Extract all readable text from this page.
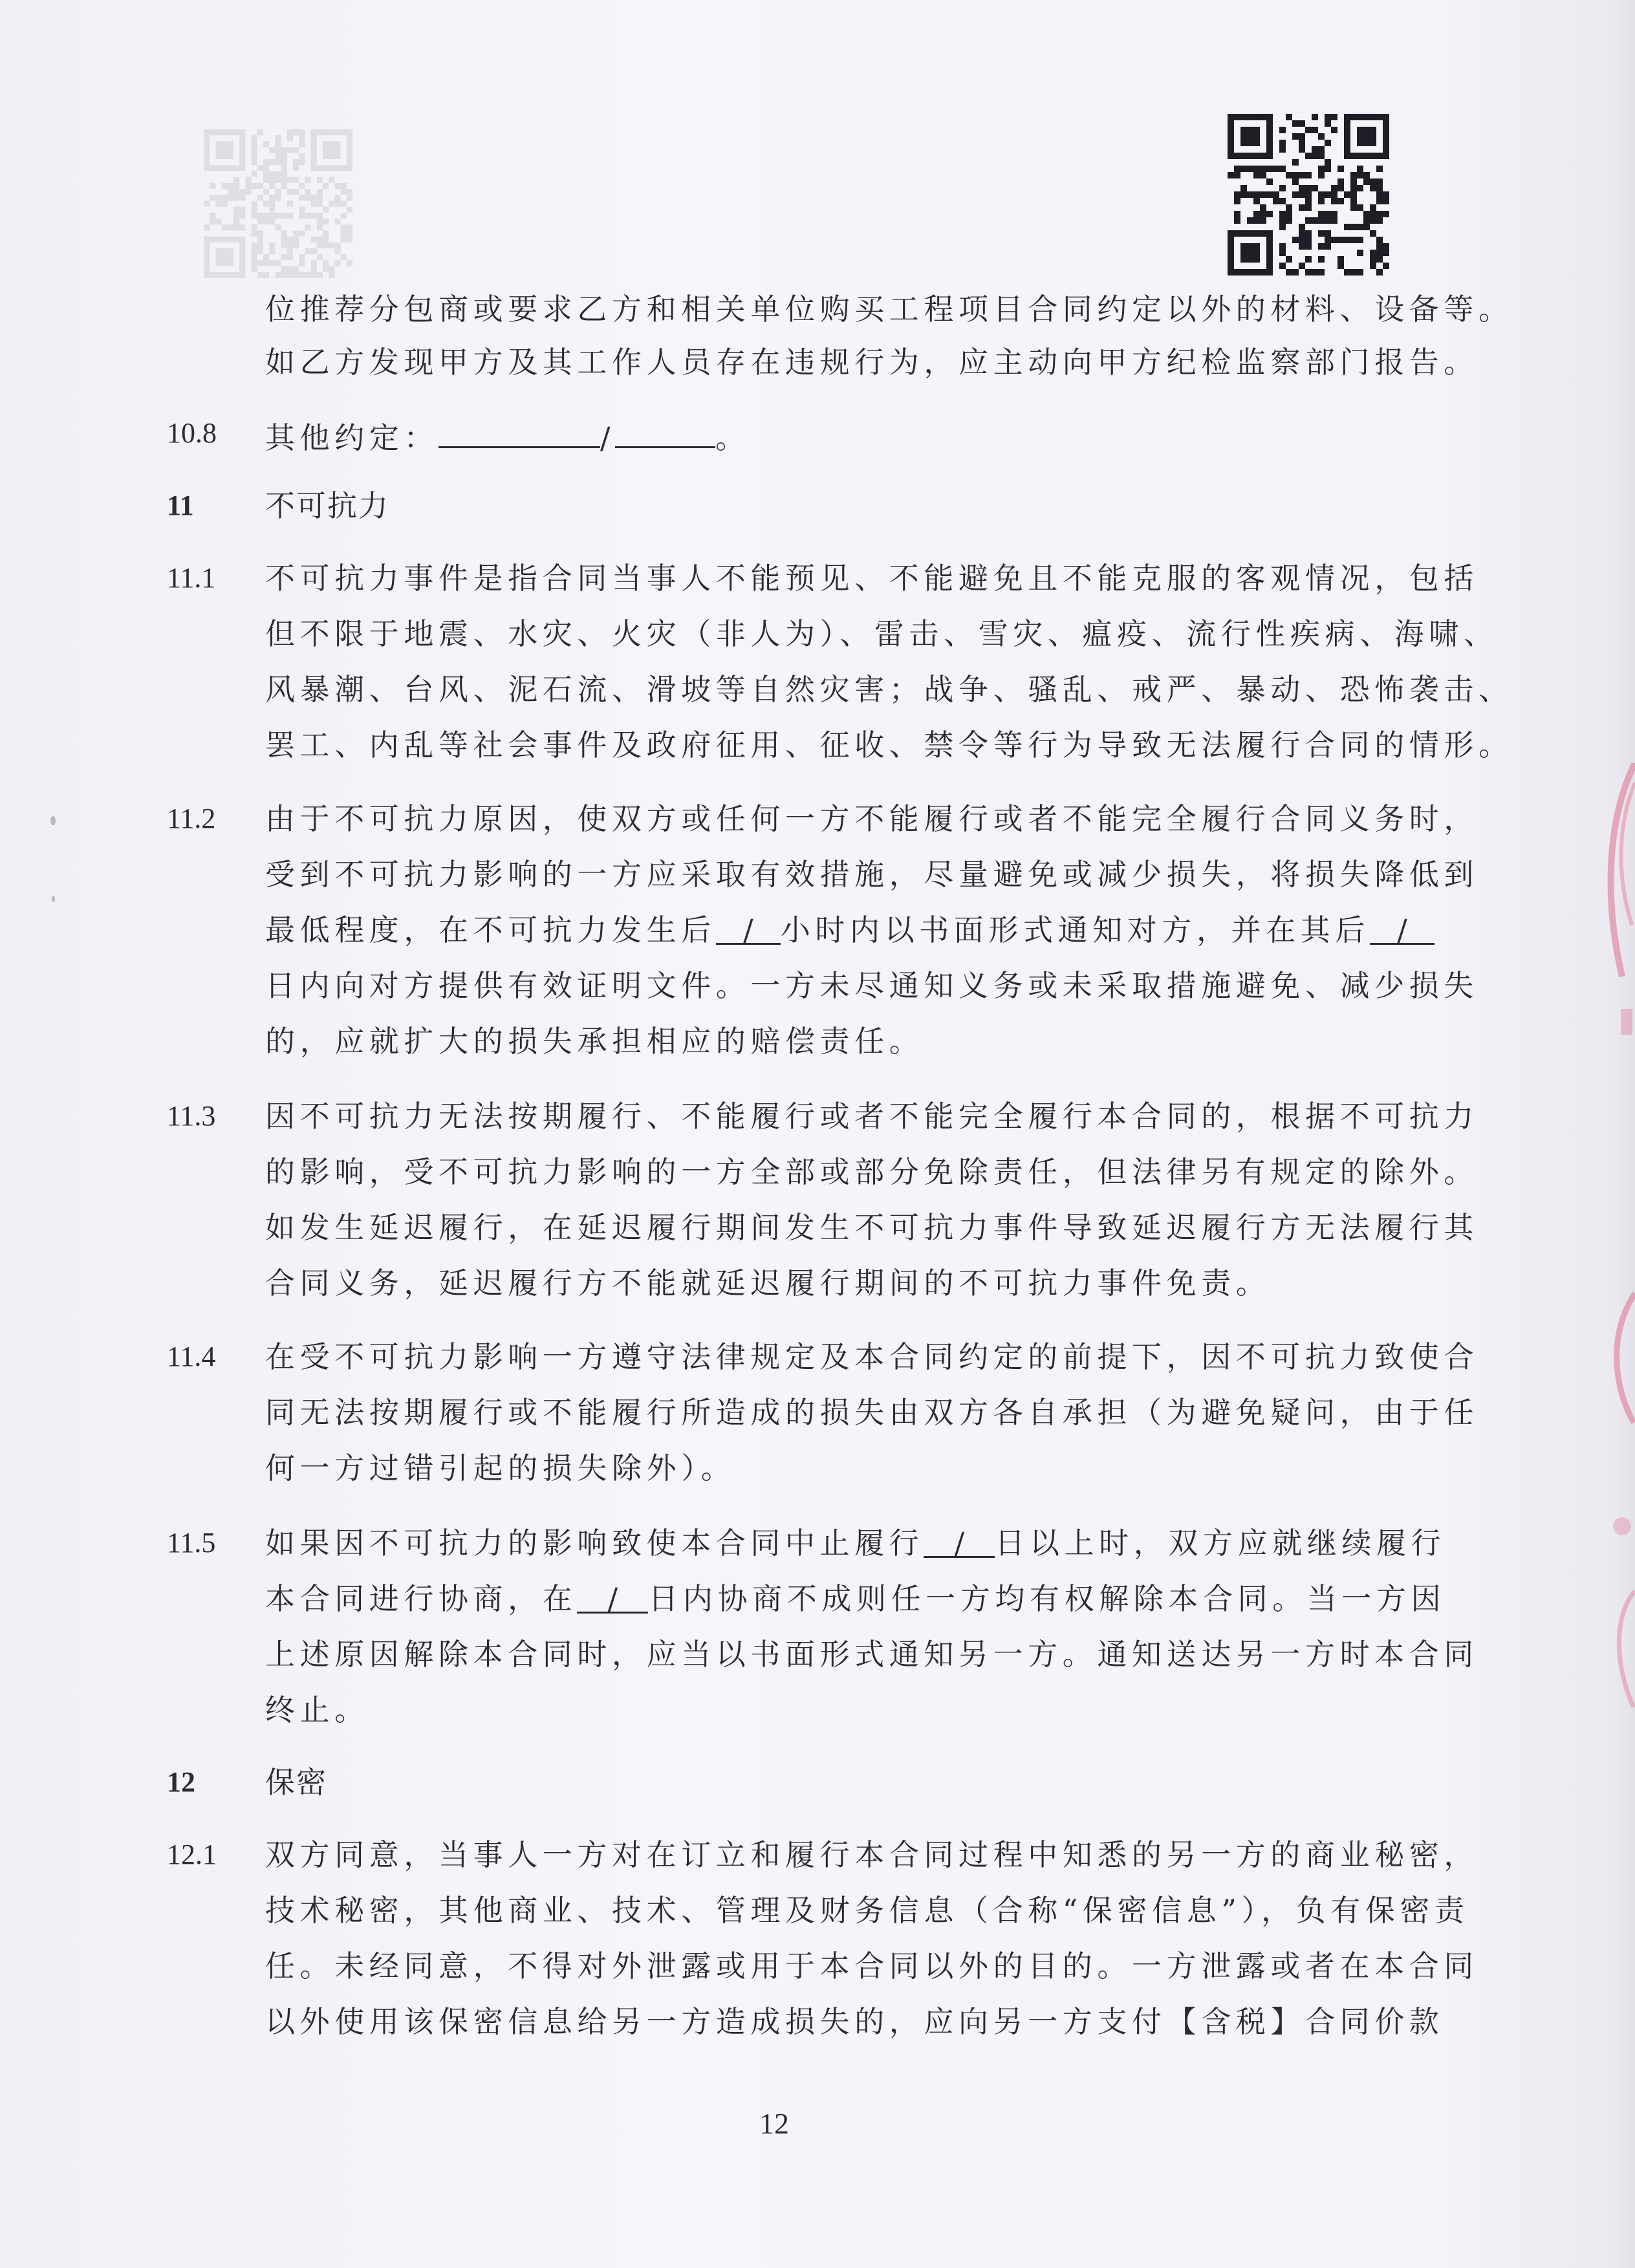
位推荐分包商或要求乙方和相关单位购买工程项目合同约定以外的材料、设备等。
如乙方发现甲方及其工作人员存在违规行为，应主动向甲方纪检监察部门报告。
10.8 其他约定：	/	。
11 不可抗力
11.1 不可抗力事件是指合同当事人不能预见、不能避免且不能克服的客观情况，包括
但不限于地震、水灾、火灾（非人为）、雷击、雪灾、瘟疫、流行性疾病、海啸、
风暴潮、台风、泥石流、滑坡等自然灾害；战争、骚乱、戒严、暴动、恐怖袭击、
罢工、内乱等社会事件及政府征用、征收、禁令等行为导致无法履行合同的情形。
11.2 由于不可抗力原因，使双方或任何一方不能履行或者不能完全履行合同义务时，
受到不可抗力影响的一方应采取有效措施，尽量避免或减少损失，将损失降低到
最低程度，在不可抗力发生后 / 小时内以书面形式通知对方，并在其后 /
日内向对方提供有效证明文件。一方未尽通知义务或未采取措施避免、减少损失
的，应就扩大的损失承担相应的赔偿责任。
11.3 因不可抗力无法按期履行、不能履行或者不能完全履行本合同的，根据不可抗力
的影响，受不可抗力影响的一方全部或部分免除责任，但法律另有规定的除外。
如发生延迟履行，在延迟履行期间发生不可抗力事件导致延迟履行方无法履行其
合同义务，延迟履行方不能就延迟履行期间的不可抗力事件免责。
11.4 在受不可抗力影响一方遵守法律规定及本合同约定的前提下，因不可抗力致使合
同无法按期履行或不能履行所造成的损失由双方各自承担（为避免疑问，由于任
何一方过错引起的损失除外）。
11.5 如果因不可抗力的影响致使本合同中止履行 / 日以上时，双方应就继续履行
本合同进行协商，在 / 日内协商不成则任一方均有权解除本合同。当一方因
上述原因解除本合同时，应当以书面形式通知另一方。通知送达另一方时本合同
终止。
12 保密
12.1 双方同意，当事人一方对在订立和履行本合同过程中知悉的另一方的商业秘密，
技术秘密，其他商业、技术、管理及财务信息（合称“保密信息”），负有保密责
任。未经同意，不得对外泄露或用于本合同以外的目的。一方泄露或者在本合同
以外使用该保密信息给另一方造成损失的，应向另一方支付【含税】合同价款
12
